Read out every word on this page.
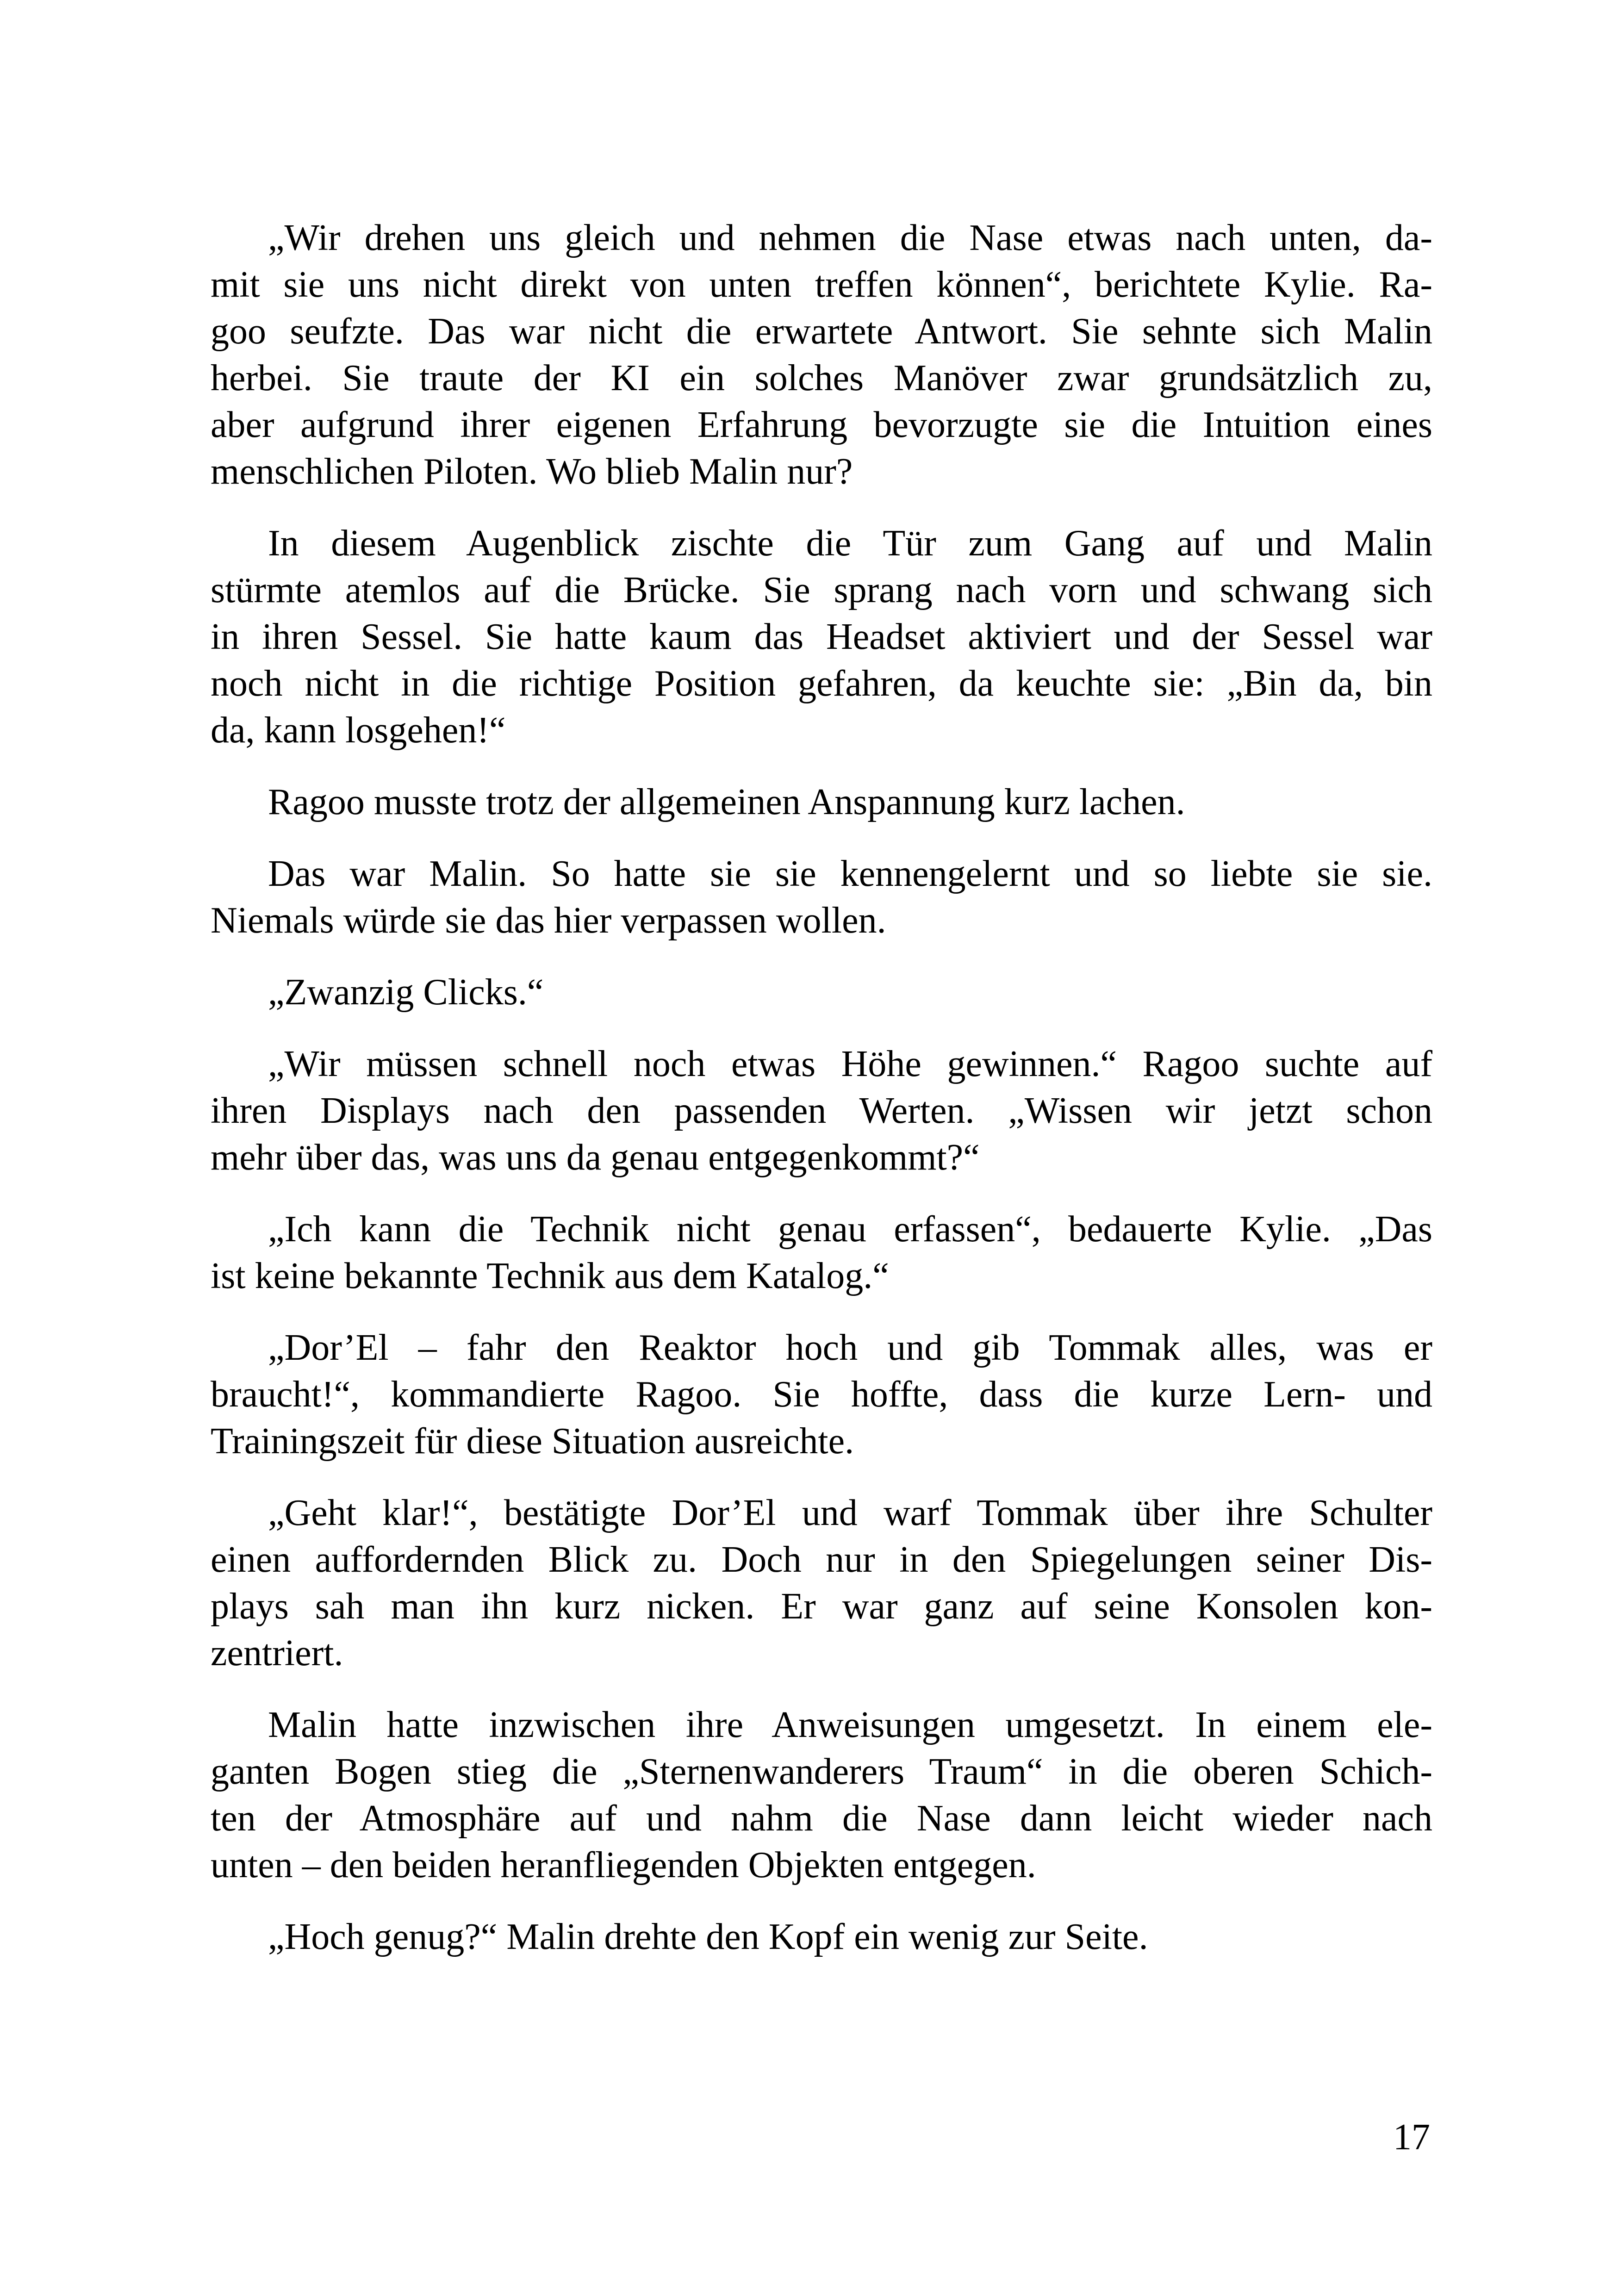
„Wir drehen uns gleich und nehmen die Nase etwas nach unten, da-
mit sie uns nicht direkt von unten treffen können“, berichtete Kylie. Ra-
goo seufzte. Das war nicht die erwartete Antwort. Sie sehnte sich Malin
herbei. Sie traute der KI ein solches Manöver zwar grundsätzlich zu,
aber aufgrund ihrer eigenen Erfahrung bevorzugte sie die Intuition eines
menschlichen Piloten. Wo blieb Malin nur?
In diesem Augenblick zischte die Tür zum Gang auf und Malin
stürmte atemlos auf die Brücke. Sie sprang nach vorn und schwang sich
in ihren Sessel. Sie hatte kaum das Headset aktiviert und der Sessel war
noch nicht in die richtige Position gefahren, da keuchte sie: „Bin da, bin
da, kann losgehen!“
Ragoo musste trotz der allgemeinen Anspannung kurz lachen.
Das war Malin. So hatte sie sie kennengelernt und so liebte sie sie.
Niemals würde sie das hier verpassen wollen.
„Zwanzig Clicks.“
„Wir müssen schnell noch etwas Höhe gewinnen.“ Ragoo suchte auf
ihren Displays nach den passenden Werten. „Wissen wir jetzt schon
mehr über das, was uns da genau entgegenkommt?“
„Ich kann die Technik nicht genau erfassen“, bedauerte Kylie. „Das
ist keine bekannte Technik aus dem Katalog.“
„Dor’El – fahr den Reaktor hoch und gib Tommak alles, was er
braucht!“, kommandierte Ragoo. Sie hoffte, dass die kurze Lern- und
Trainingszeit für diese Situation ausreichte.
„Geht klar!“, bestätigte Dor’El und warf Tommak über ihre Schulter
einen auffordernden Blick zu. Doch nur in den Spiegelungen seiner Dis-
plays sah man ihn kurz nicken. Er war ganz auf seine Konsolen kon-
zentriert.
Malin hatte inzwischen ihre Anweisungen umgesetzt. In einem ele-
ganten Bogen stieg die „Sternenwanderers Traum“ in die oberen Schich-
ten der Atmosphäre auf und nahm die Nase dann leicht wieder nach
unten – den beiden heranfliegenden Objekten entgegen.
„Hoch genug?“ Malin drehte den Kopf ein wenig zur Seite.
17
